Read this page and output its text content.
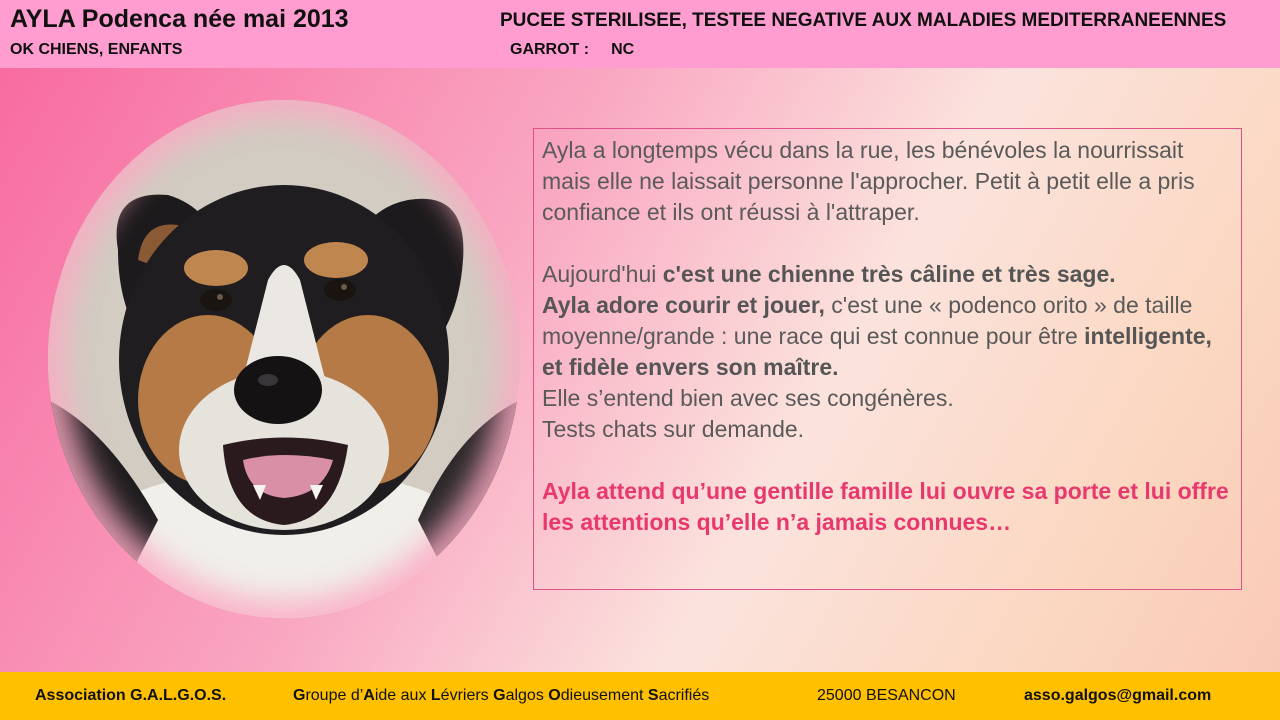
AYLA Podenca née mai 2013	PUCEE STERILISEE, TESTEE NEGATIVE AUX MALADIES MEDITERRANEENNES
OK CHIENS, ENFANTS	GARROT : NC

Ayla a longtemps vécu dans la rue, les bénévoles la nourrissait mais elle ne laissait personne l'approcher. Petit à petit elle a pris confiance et ils ont réussi à l'attraper.

Aujourd'hui c'est une chienne très câline et très sage.

Ayla adore courir et jouer, c'est une « podenco orito » de taille moyenne/grande : une race qui est connue pour être intelligente, et fidèle envers son maître.

Elle s’entend bien avec ses congénères.

Tests chats sur demande.

Ayla attend qu’une gentille famille lui ouvre sa porte et lui offre les attentions qu’elle n’a jamais connues…

Association G.A.L.G.O.S.	Groupe d’Aide aux Lévriers Galgos Odieusement Sacrifiés	25000 BESANCON	asso.galgos@gmail.com
